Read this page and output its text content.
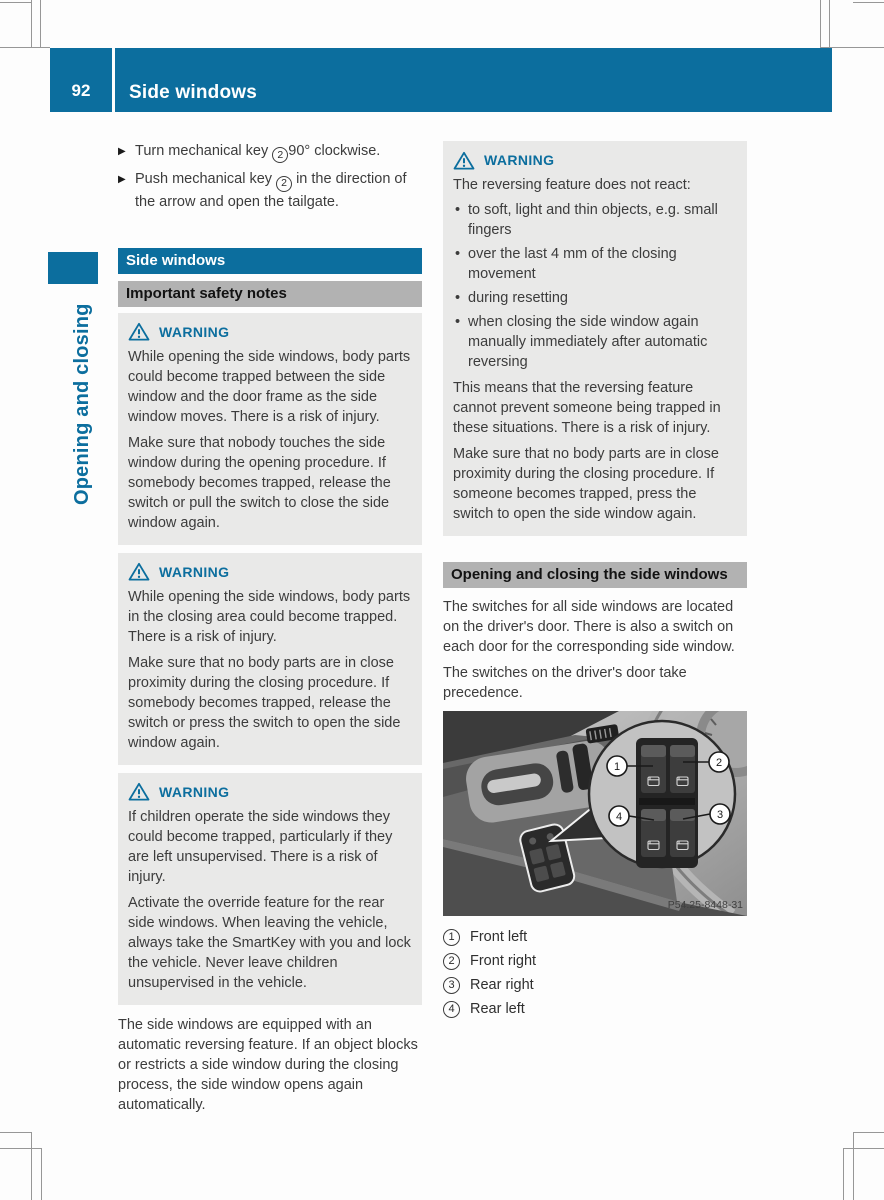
92	Side windows
Opening and closing
▶ Turn mechanical key 2 90° clockwise.
▶ Push mechanical key 2 in the direction of the arrow and open the tailgate.
Side windows
Important safety notes
WARNING

While opening the side windows, body parts could become trapped between the side window and the door frame as the side window moves. There is a risk of injury.

Make sure that nobody touches the side window during the opening procedure. If somebody becomes trapped, release the switch or pull the switch to close the side window again.

WARNING

While opening the side windows, body parts in the closing area could become trapped. There is a risk of injury.

Make sure that no body parts are in close proximity during the closing procedure. If somebody becomes trapped, release the switch or press the switch to open the side window again.

WARNING

If children operate the side windows they could become trapped, particularly if they are left unsupervised. There is a risk of injury.

Activate the override feature for the rear side windows. When leaving the vehicle, always take the SmartKey with you and lock the vehicle. Never leave children unsupervised in the vehicle.

The side windows are equipped with an automatic reversing feature. If an object blocks or restricts a side window during the closing process, the side window opens again automatically.

WARNING

The reversing feature does not react:

• to soft, light and thin objects, e.g. small fingers
• over the last 4 mm of the closing movement
• during resetting
• when closing the side window again manually immediately after automatic reversing

This means that the reversing feature cannot prevent someone being trapped in these situations. There is a risk of injury.

Make sure that no body parts are in close proximity during the closing procedure. If someone becomes trapped, press the switch to open the side window again.

Opening and closing the side windows

The switches for all side windows are located on the driver's door. There is also a switch on each door for the corresponding side window.

The switches on the driver's door take precedence.

1	2
3
4
P54.25-8448-31
1	Front left
2	Front right
3	Rear right
4	Rear left
